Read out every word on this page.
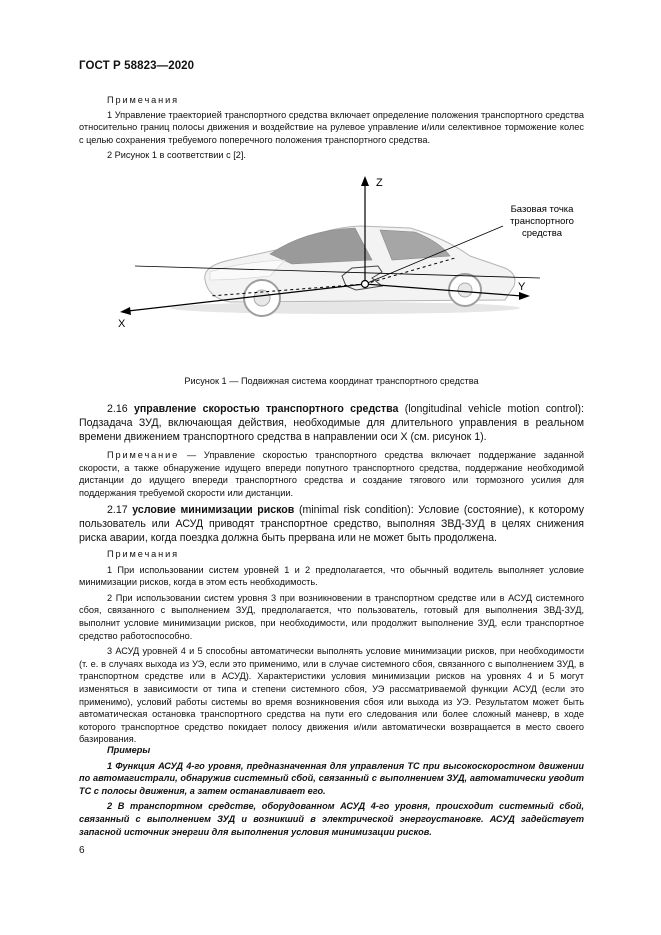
ГОСТ Р 58823—2020

Примечания

1 Управление траекторией транспортного средства включает определение положения транспортного средства относительно границ полосы движения и воздействие на рулевое управление и/или селективное торможение колес с целью сохранения требуемого поперечного положения транспортного средства.

2 Рисунок 1 в соответствии с [2].

Z
Y
X
Базовая точка
транспортного
средства
Рисунок 1 — Подвижная система координат транспортного средства

2.16 управление скоростью транспортного средства (longitudinal vehicle motion control): Подзадача ЗУД, включающая действия, необходимые для длительного управления в реальном времени движением транспортного средства в направлении оси X (см. рисунок 1).

Примечание — Управление скоростью транспортного средства включает поддержание заданной скорости, а также обнаружение идущего впереди попутного транспортного средства, поддержание необходимой дистанции до идущего впереди транспортного средства и создание тягового или тормозного усилия для поддержания требуемой скорости или дистанции.

2.17 условие минимизации рисков (minimal risk condition): Условие (состояние), к которому пользователь или АСУД приводят транспортное средство, выполняя ЗВД-ЗУД в целях снижения риска аварии, когда поездка должна быть прервана или не может быть продолжена.

Примечания

1 При использовании систем уровней 1 и 2 предполагается, что обычный водитель выполняет условие минимизации рисков, когда в этом есть необходимость.

2 При использовании систем уровня 3 при возникновении в транспортном средстве или в АСУД системного сбоя, связанного с выполнением ЗУД, предполагается, что пользователь, готовый для выполнения ЗВД-ЗУД, выполнит условие минимизации рисков, при необходимости, или продолжит выполнение ЗУД, если транспортное средство работоспособно.

3 АСУД уровней 4 и 5 способны автоматически выполнять условие минимизации рисков, при необходимости (т. е. в случаях выхода из УЭ, если это применимо, или в случае системного сбоя, связанного с выполнением ЗУД, в транспортном средстве или в АСУД). Характеристики условия минимизации рисков на уровнях 4 и 5 могут изменяться в зависимости от типа и степени системного сбоя, УЭ рассматриваемой функции АСУД (если это применимо), условий работы системы во время возникновения сбоя или выхода из УЭ. Результатом может быть автоматическая остановка транспортного средства на пути его следования или более сложный маневр, в ходе которого транспортное средство покидает полосу движения и/или автоматически возвращается в место своего базирования.

Примеры

1 Функция АСУД 4-го уровня, предназначенная для управления ТС при высокоскоростном движении по автомагистрали, обнаружив системный сбой, связанный с выполнением ЗУД, автоматически уводит ТС с полосы движения, а затем останавливает его.

2 В транспортном средстве, оборудованном АСУД 4-го уровня, происходит системный сбой, связанный с выполнением ЗУД и возникший в электрической энергоустановке. АСУД задействует запасной источник энергии для выполнения условия минимизации рисков.

6
